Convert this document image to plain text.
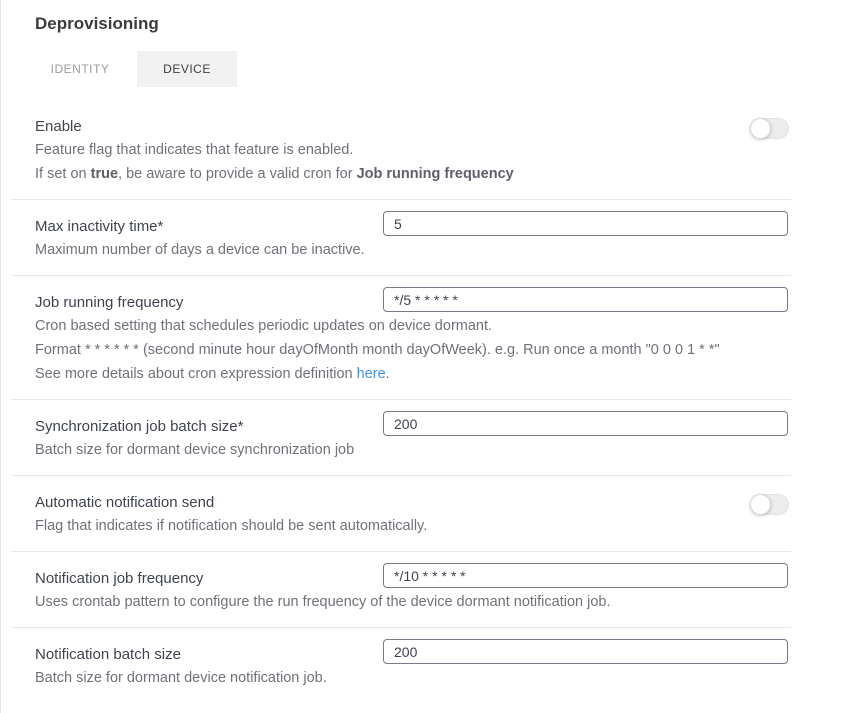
Deprovisioning
IDENTITY	DEVICE
Enable
Feature flag that indicates that feature is enabled.
If set on true, be aware to provide a valid cron for Job running frequency
Max inactivity time*
Maximum number of days a device can be inactive.
5
Job running frequency
Cron based setting that schedules periodic updates on device dormant.
Format * * * * * * (second minute hour dayOfMonth month dayOfWeek). e.g. Run once a month "0 0 0 1 * *"
See more details about cron expression definition here.
*/5 * * * * *
Synchronization job batch size*
Batch size for dormant device synchronization job
200
Automatic notification send
Flag that indicates if notification should be sent automatically.
Notification job frequency
Uses crontab pattern to configure the run frequency of the device dormant notification job.
*/10 * * * * *
Notification batch size
Batch size for dormant device notification job.
200
